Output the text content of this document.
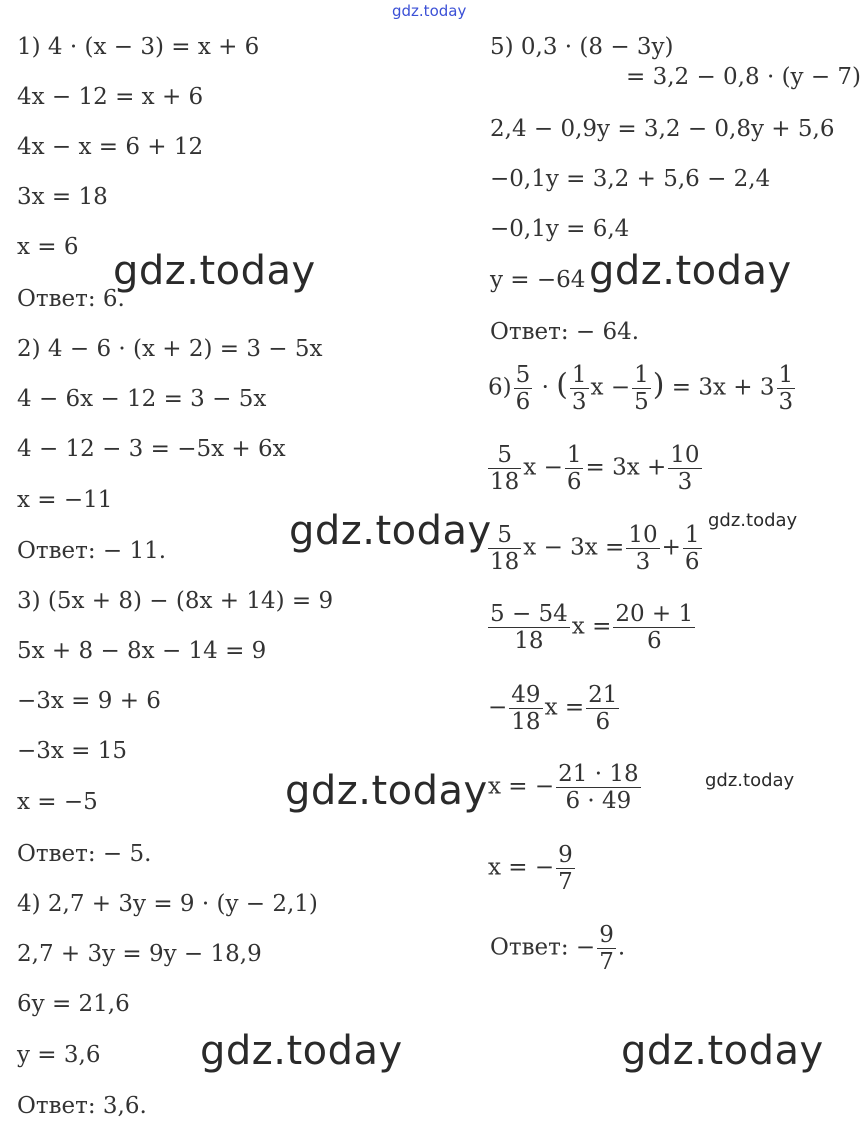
gdz.today
1) 4 · (x − 3) = x + 6
4x − 12 = x + 6
4x − x = 6 + 12
3x = 18
x = 6
Ответ: 6.
2) 4 − 6 · (x + 2) = 3 − 5x
4 − 6x − 12 = 3 − 5x
4 − 12 − 3 = −5x + 6x
x = −11
Ответ: − 11.
3) (5x + 8) − (8x + 14) = 9
5x + 8 − 8x − 14 = 9
−3x = 9 + 6
−3x = 15
x = −5
Ответ: − 5.
4) 2,7 + 3y = 9 · (y − 2,1)
2,7 + 3y = 9y − 18,9
6y = 21,6
y = 3,6
Ответ: 3,6.
5) 0,3 · (8 − 3y)
= 3,2 − 0,8 · (y − 7)
2,4 − 0,9y = 3,2 − 0,8y + 5,6
−0,1y = 3,2 + 5,6 − 2,4
−0,1y = 6,4
y = −64
Ответ: − 64.
$6) \frac{5}{6}$ · ( $\frac{1}{3}$ $x - \frac{1}{5}$ ) = $3x + 3 \frac{1}{3}$
$\frac{5}{18}$ $x - \frac{1}{6} = 3x + \frac{10}{3}$
$\frac{5}{18}$ $x - 3x = \frac{10}{3} + \frac{1}{6}$
$\frac{5 - 54}{18}$ $x = \frac{20 + 1}{6}$
− $\frac{49}{18}$ $x = \frac{21}{6}$
x = − $\frac{21 \cdot 18}{6 \cdot 49}$
x = − $\frac{9}{7}$
Ответ: − $\frac{9}{7}$ .
gdz.today	gdz.today
gdz.today	gdz.today
gdz.today	gdz.today
gdz.today	gdz.today
